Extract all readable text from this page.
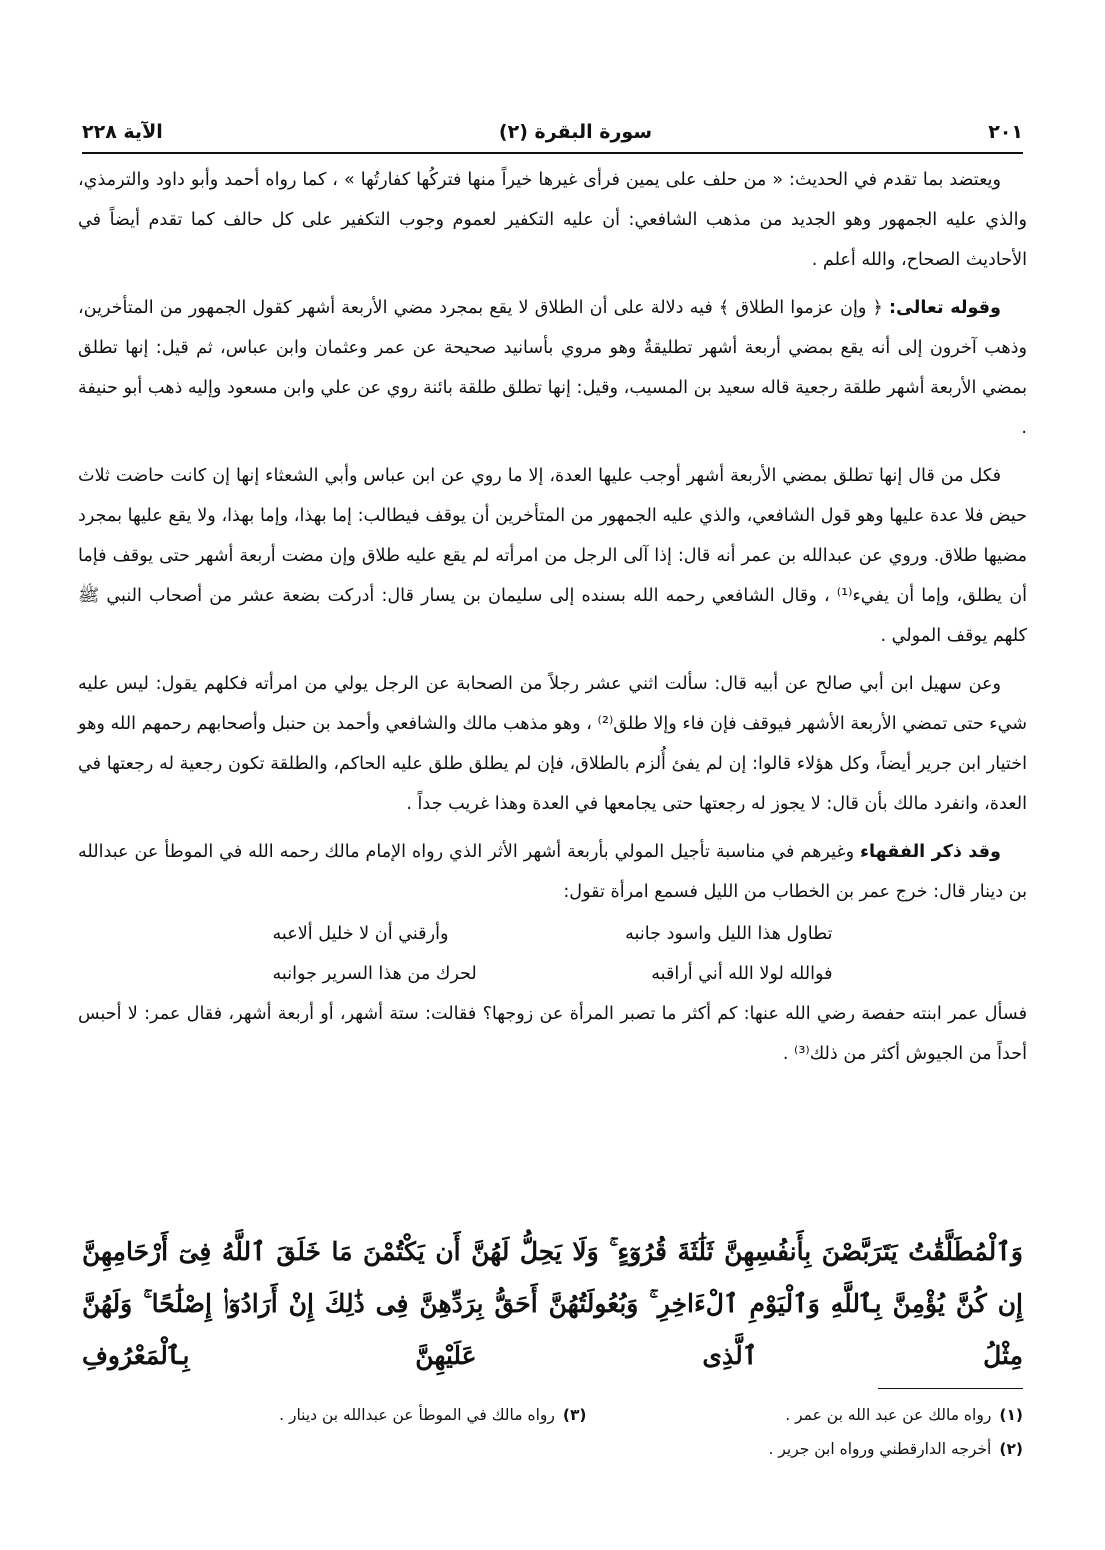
الآية ٢٢٨	(٢) سورة البقرة	٢٠١

ويعتضد بما تقدم في الحديث: « من حلف على يمين فرأى غيرها خيراً منها فتركُها كفارتُها » ، كما رواه أحمد وأبو داود والترمذي، والذي عليه الجمهور وهو الجديد من مذهب الشافعي: أن عليه التكفير لعموم وجوب التكفير على كل حالف كما تقدم أيضاً في الأحاديث الصحاح، والله أعلم .

وقوله تعالى: ﴿ وإن عزموا الطلاق ﴾ فيه دلالة على أن الطلاق لا يقع بمجرد مضي الأربعة أشهر كقول الجمهور من المتأخرين، وذهب آخرون إلى أنه يقع بمضي أربعة أشهر تطليقةٌ وهو مروي بأسانيد صحيحة عن عمر وعثمان وابن عباس، ثم قيل: إنها تطلق بمضي الأربعة أشهر طلقة رجعية قاله سعيد بن المسيب، وقيل: إنها تطلق طلقة بائنة روي عن علي وابن مسعود وإليه ذهب أبو حنيفة .

فكل من قال إنها تطلق بمضي الأربعة أشهر أوجب عليها العدة، إلا ما روي عن ابن عباس وأبي الشعثاء إنها إن كانت حاضت ثلاث حيض فلا عدة عليها وهو قول الشافعي، والذي عليه الجمهور من المتأخرين أن يوقف فيطالب: إما بهذا، وإما بهذا، ولا يقع عليها بمجرد مضيها طلاق. وروي عن عبدالله بن عمر أنه قال: إذا آلى الرجل من امرأته لم يقع عليه طلاق وإن مضت أربعة أشهر حتى يوقف فإما أن يطلق، وإما أن يفيء⁽¹⁾ ، وقال الشافعي رحمه الله بسنده إلى سليمان بن يسار قال: أدركت بضعة عشر من أصحاب النبي ﷺ كلهم يوقف المولي .

وعن سهيل ابن أبي صالح عن أبيه قال: سألت اثني عشر رجلاً من الصحابة عن الرجل يولي من امرأته فكلهم يقول: ليس عليه شيء حتى تمضي الأربعة الأشهر فيوقف فإن فاء وإلا طلق⁽²⁾ ، وهو مذهب مالك والشافعي وأحمد بن حنبل وأصحابهم رحمهم الله وهو اختيار ابن جرير أيضاً، وكل هؤلاء قالوا: إن لم يفئ أُلزم بالطلاق، فإن لم يطلق طلق عليه الحاكم، والطلقة تكون رجعية له رجعتها في العدة، وانفرد مالك بأن قال: لا يجوز له رجعتها حتى يجامعها في العدة وهذا غريب جداً .

وقد ذكر الفقهاء وغيرهم في مناسبة تأجيل المولي بأربعة أشهر الأثر الذي رواه الإمام مالك رحمه الله في الموطأ عن عبدالله بن دينار قال: خرج عمر بن الخطاب من الليل فسمع امرأة تقول:

تطاول هذا الليل واسود جانبه
وأرقني أن لا خليل ألاعبه
فوالله لولا الله أني أراقبه
لحرك من هذا السرير جوانبه

فسأل عمر ابنته حفصة رضي الله عنها: كم أكثر ما تصبر المرأة عن زوجها؟ فقالت: ستة أشهر، أو أربعة أشهر، فقال عمر: لا أحبس أحداً من الجيوش أكثر من ذلك⁽³⁾ .

وَٱلْمُطَلَّقَٰتُ يَتَرَبَّصْنَ بِأَنفُسِهِنَّ ثَلَٰثَةَ قُرُوٓءٍ ۚ وَلَا يَحِلُّ لَهُنَّ أَن يَكْتُمْنَ مَا خَلَقَ ٱللَّهُ فِىٓ أَرْحَامِهِنَّ إِن كُنَّ يُؤْمِنَّ بِٱللَّهِ وَٱلْيَوْمِ ٱلْءَاخِرِ ۚ وَبُعُولَتُهُنَّ أَحَقُّ بِرَدِّهِنَّ فِى ذَٰلِكَ إِنْ أَرَادُوٓا۟ إِصْلَٰحًا ۚ وَلَهُنَّ مِثْلُ ٱلَّذِى عَلَيْهِنَّ بِٱلْمَعْرُوفِ
(١)رواه مالك عن عبد الله بن عمر .
(٣)رواه مالك في الموطأ عن عبدالله بن دينار .
(٢)أخرجه الدارقطني ورواه ابن جرير .
